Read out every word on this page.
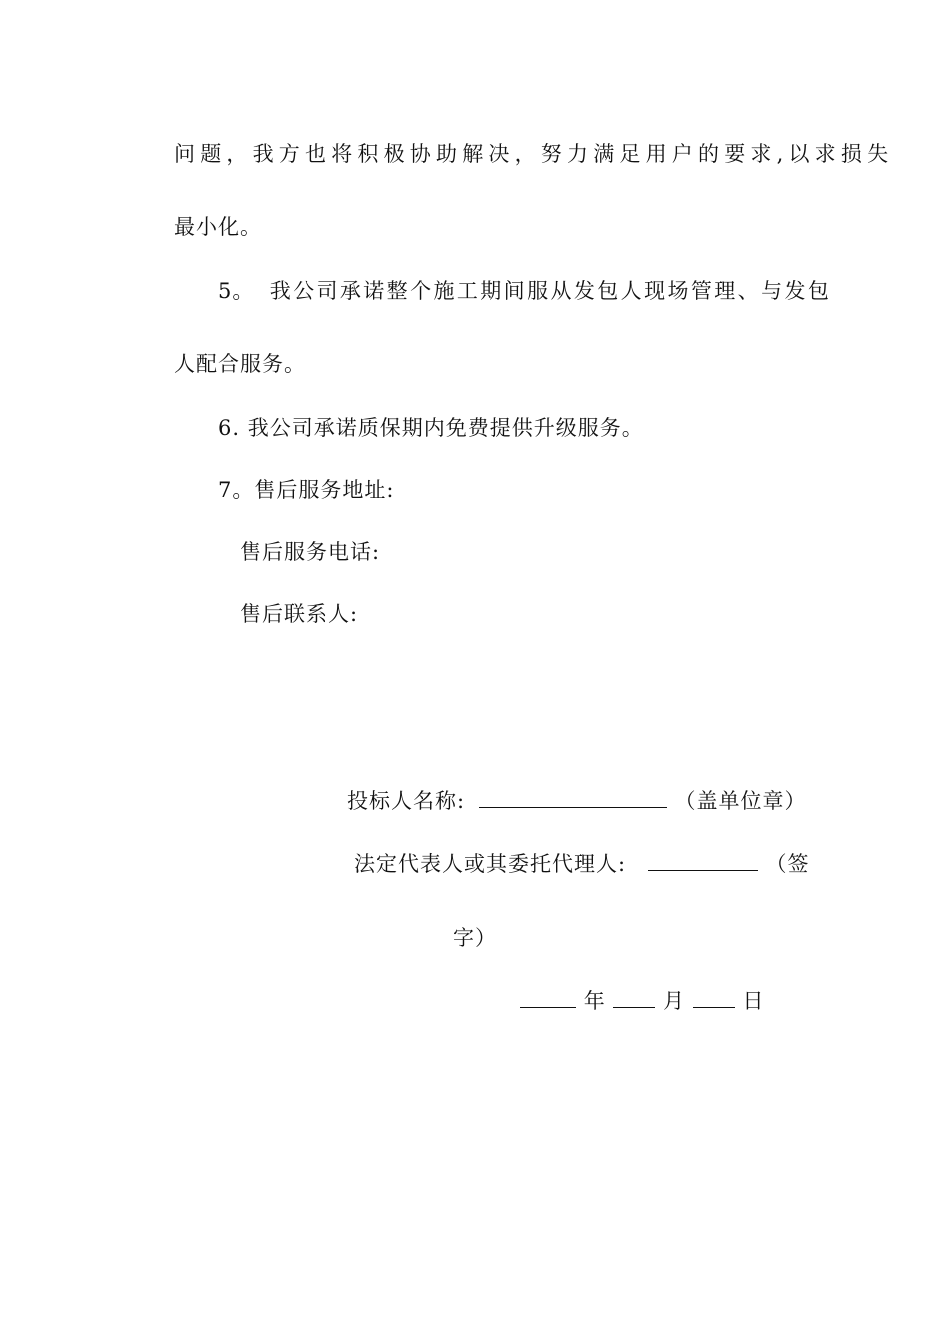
问题，我方也将积极协助解决，努力满足用户的要求,以求损失
最小化。
5。 我公司承诺整个施工期间服从发包人现场管理、与发包
人配合服务。
6. 我公司承诺质保期内免费提供升级服务。
7。售后服务地址:
售后服务电话:
售后联系人:
投标人名称:	（盖单位章）
法定代表人或其委托代理人:	（签
字）
年	月	日
